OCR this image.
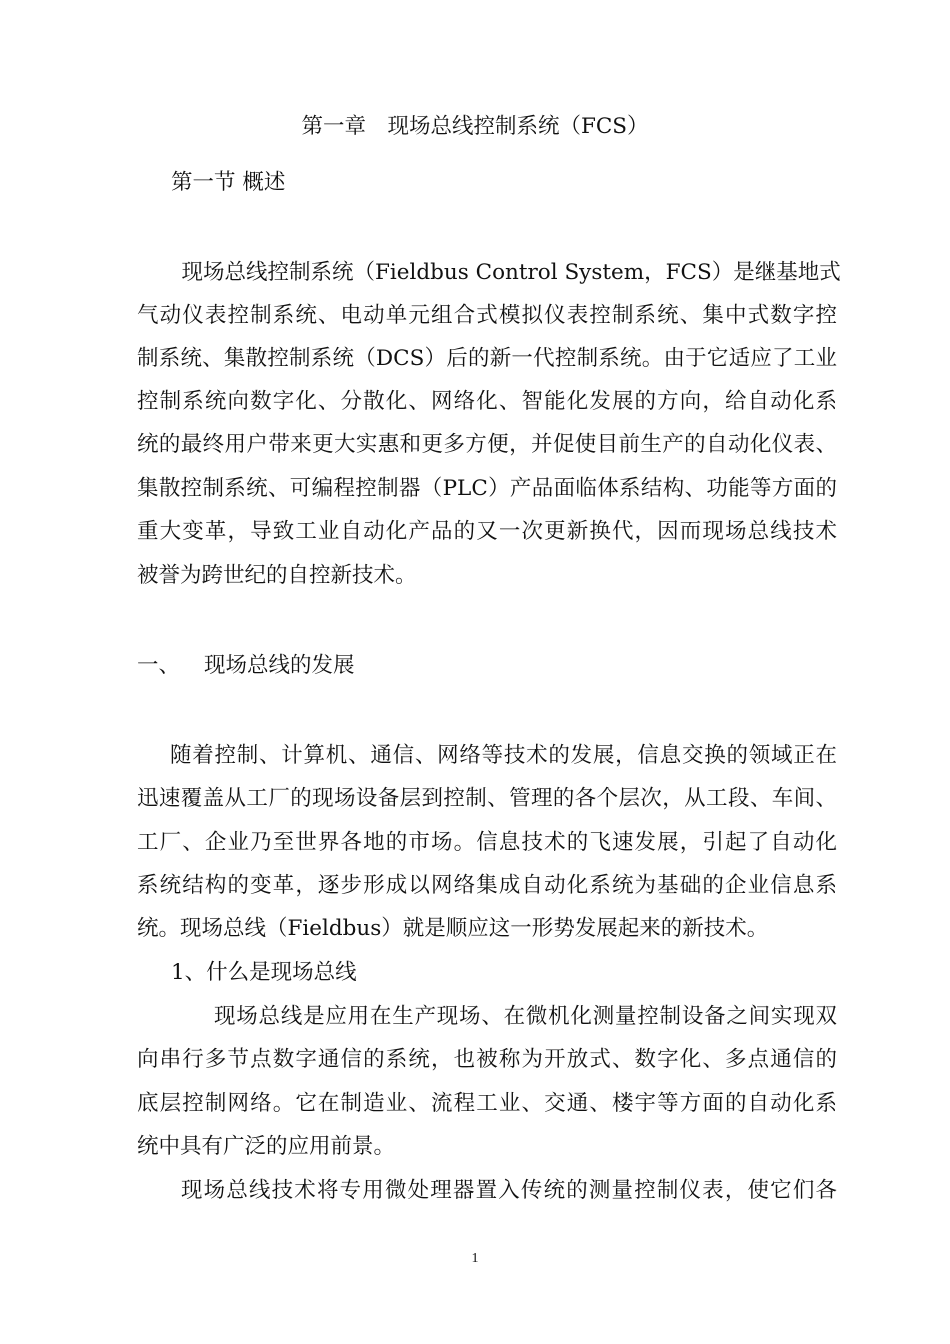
第一章　现场总线控制系统（FCS）
第一节 概述
　现场总线控制系统（Fieldbus Control System，FCS）是继基地式
气动仪表控制系统、电动单元组合式模拟仪表控制系统、集中式数字控
制系统、集散控制系统（DCS）后的新一代控制系统。由于它适应了工业
控制系统向数字化、分散化、网络化、智能化发展的方向，给自动化系
统的最终用户带来更大实惠和更多方便，并促使目前生产的自动化仪表、
集散控制系统、可编程控制器（PLC）产品面临体系结构、功能等方面的
重大变革，导致工业自动化产品的又一次更新换代，因而现场总线技术
被誉为跨世纪的自控新技术。
一、 现场总线的发展
随着控制、计算机、通信、网络等技术的发展，信息交换的领域正在
迅速覆盖从工厂的现场设备层到控制、管理的各个层次，从工段、车间、
工厂、企业乃至世界各地的市场。信息技术的飞速发展，引起了自动化
系统结构的变革，逐步形成以网络集成自动化系统为基础的企业信息系
统。现场总线（Fieldbus）就是顺应这一形势发展起来的新技术。
1、什么是现场总线
现场总线是应用在生产现场、在微机化测量控制设备之间实现双
向串行多节点数字通信的系统，也被称为开放式、数字化、多点通信的
底层控制网络。它在制造业、流程工业、交通、楼宇等方面的自动化系
统中具有广泛的应用前景。
现场总线技术将专用微处理器置入传统的测量控制仪表，使它们各
1
